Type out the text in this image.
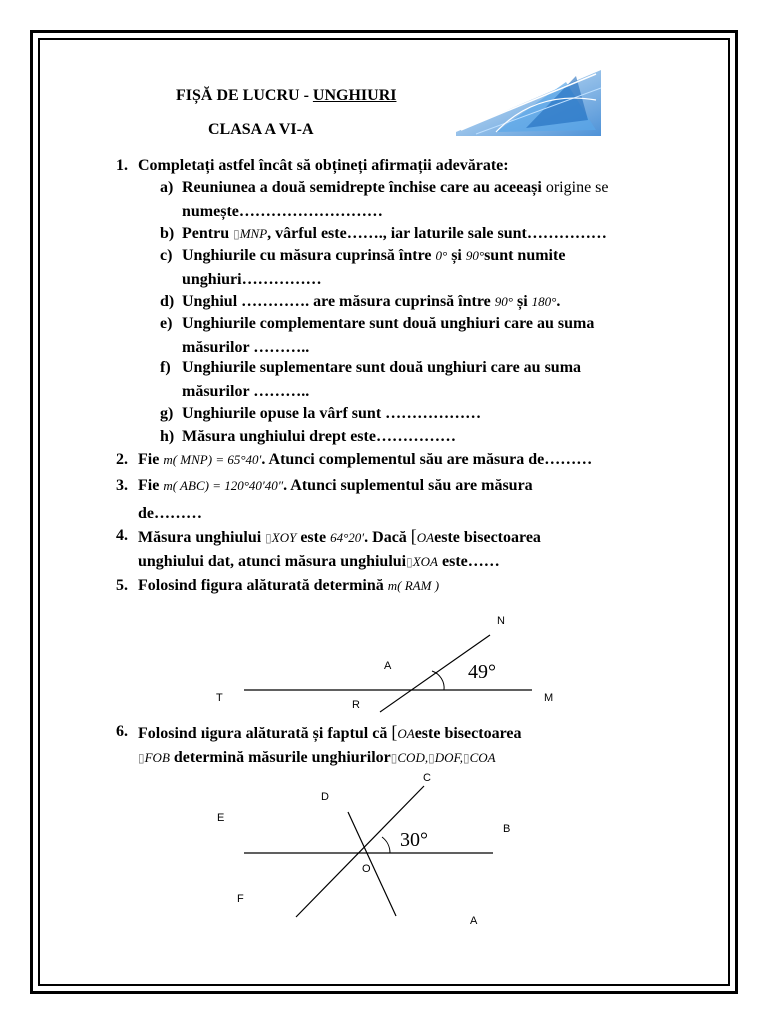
FIȘĂ DE LUCRU - UNGHIURI
CLASA A VI-A
1. Completați astfel încât să obțineți afirmații adevărate:
a) Reuniunea a două semidrepte închise care au aceeași origine se
numește………………………
b) Pentru ▯MNP, vârful este……., iar laturile sale sunt……………
c) Unghiurile cu măsura cuprinsă între 0° și 90°sunt numite
unghiuri……………
d) Unghiul …………. are măsura cuprinsă între 90° și 180°.
e) Unghiurile complementare sunt două unghiuri care au suma
măsurilor ………..
f) Unghiurile suplementare sunt două unghiuri care au suma
măsurilor ………..
g) Unghiurile opuse la vârf sunt ………………
h) Măsura unghiului drept este……………
2. Fie m( MNP) = 65°40′. Atunci complementul său are măsura de………
3. Fie m( ABC) = 120°40′40″. Atunci suplementul său are măsura
de………
4. Măsura unghiului ▯XOY este 64°20′. Dacă [OAeste bisectoarea
unghiului dat, atunci măsura unghiului▯XOA este……
5. Folosind figura alăturată determină m( RAM )
N
A	49°
T
R
M
6. Folosind ıigura alăturată și faptul că [OAeste bisectoarea
▯FOB determină măsurile unghiurilor▯COD,▯DOF,▯COA
C
D
E
B
30°
O
F
A
